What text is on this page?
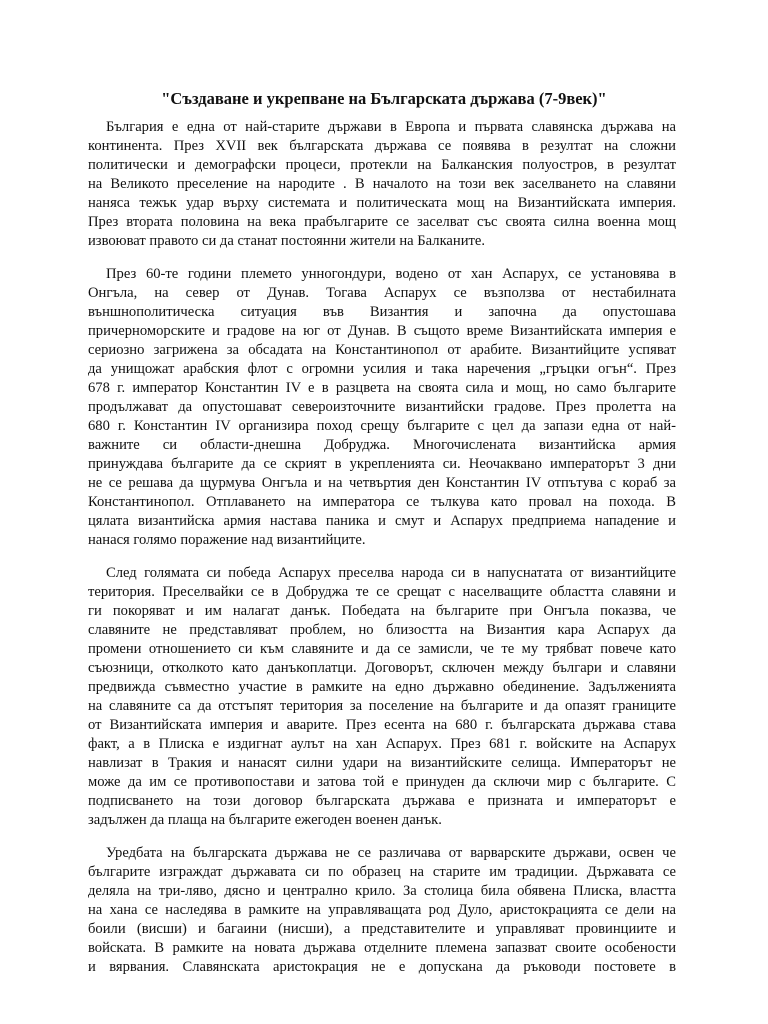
"Създаване и укрепване на Българската държава (7-9век)"
България е една от най-старите държави в Европа и първата славянска държава на
континента. През XVII век българската държава се появява в резултат на сложни
политически и демографски процеси, протекли на Балканския полуостров, в резултат
на Великото преселение на народите . В началото на този век заселването на славяни
наняса тежък удар върху системата и политическата мощ на Византийската империя.
През втората половина на века прабългарите се заселват със своята силна военна мощ
извоюват правото си да станат постоянни жители на Балканите.
През 60-те години племето унногондури, водено от хан Аспарух, се установява в
Онгъла, на север от Дунав. Тогава Аспарух се възползва от нестабилната
външнополитическа ситуация във Византия и започна да опустошава
причерноморските и градове на юг от Дунав. В същото време Византийската империя е
сериозно загрижена за обсадата на Константинопол от арабите. Византийците успяват
да унищожат арабския флот с огромни усилия и така наречения „гръцки огън“. През
678 г. император Константин IV е в разцвета на своята сила и мощ, но само българите
продължават да опустошават североизточните византийски градове. През пролетта на
680 г. Константин IV организира поход срещу българите с цел да запази една от най-
важните си области-днешна Добруджа. Многочислената византийска армия
принуждава българите да се скрият в укрепленията си. Неочаквано императорът 3 дни
не се решава да щурмува Онгъла и на четвъртия ден Константин IV отпътува с кораб за
Константинопол. Отплаването на императора се тълкува като провал на похода. В
цялата византийска армия настава паника и смут и Аспарух предприема нападение и
нанася голямо поражение над византийците.
След голямата си победа Аспарух преселва народа си в напуснатата от византийците
територия. Преселвайки се в Добруджа те се срещат с населващите областта славяни и
ги покоряват и им налагат данък. Победата на българите при Онгъла показва, че
славяните не представляват проблем, но близостта на Византия кара Аспарух да
промени отношението си към славяните и да се замисли, че те му трябват повече като
съюзници, отколкото като данъкоплатци. Договорът, сключен между българи и славяни
предвижда съвместно участие в рамките на едно държавно обединение. Задълженията
на славяните са да отстъпят територия за поселение на българите и да опазят границите
от Византийската империя и аварите. През есента на 680 г. българската държава става
факт, а в Плиска е издигнат аулът на хан Аспарух. През 681 г. войските на Аспарух
навлизат в Тракия и нанасят силни удари на византийските селища. Императорът не
може да им се противопостави и затова той е принуден да сключи мир с българите. С
подписването на този договор българската държава е призната и императорът е
задължен да плаща на българите ежегоден военен данък.
Уредбата на българската държава не се различава от варварските държави, освен че
българите изграждат държавата си по образец на старите им традиции. Държавата се
деляла на три-ляво, дясно и централно крило. За столица била обявена Плиска, властта
на хана се наследява в рамките на управляващата род Дуло, аристокрацията се дели на
боили (висши) и багаини (нисши), а представителите и управляват провинциите и
войската. В рамките на новата държава отделните племена запазват своите особености
и вярвания. Славянската аристокрация не е допускана да ръководи постовете в
